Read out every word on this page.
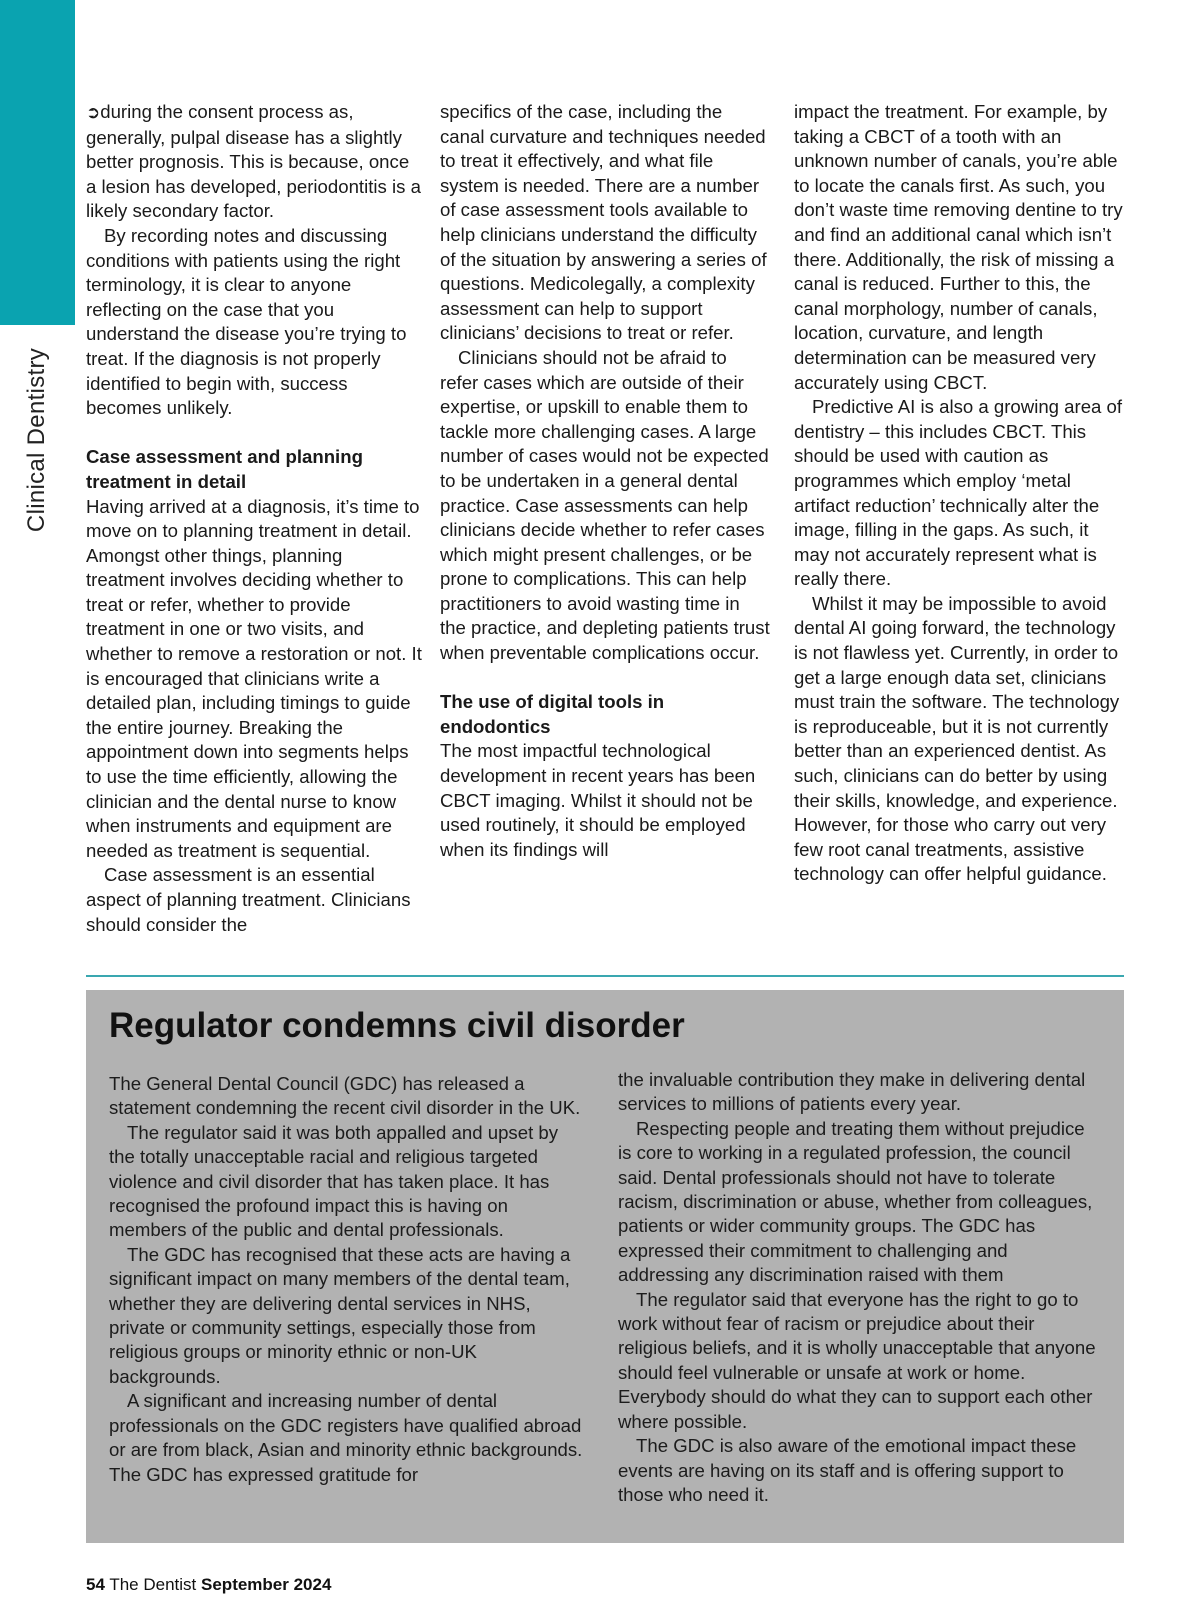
Clinical Dentistry

➲during the consent process as, generally, pulpal disease has a slightly better prognosis. This is because, once a lesion has developed, periodontitis is a likely secondary factor.

By recording notes and discussing conditions with patients using the right terminology, it is clear to anyone reflecting on the case that you understand the disease you’re trying to treat. If the diagnosis is not properly identified to begin with, success becomes unlikely.

Case assessment and planning treatment in detail

Having arrived at a diagnosis, it’s time to move on to planning treatment in detail. Amongst other things, planning treatment involves deciding whether to treat or refer, whether to provide treatment in one or two visits, and whether to remove a restoration or not. It is encouraged that clinicians write a detailed plan, including timings to guide the entire journey. Breaking the appointment down into segments helps to use the time efficiently, allowing the clinician and the dental nurse to know when instruments and equipment are needed as treatment is sequential.

Case assessment is an essential aspect of planning treatment. Clinicians should consider the

specifics of the case, including the canal curvature and techniques needed to treat it effectively, and what file system is needed. There are a number of case assessment tools available to help clinicians understand the difficulty of the situation by answering a series of questions. Medicolegally, a complexity assessment can help to support clinicians’ decisions to treat or refer.

Clinicians should not be afraid to refer cases which are outside of their expertise, or upskill to enable them to tackle more challenging cases. A large number of cases would not be expected to be undertaken in a general dental practice. Case assessments can help clinicians decide whether to refer cases which might present challenges, or be prone to complications. This can help practitioners to avoid wasting time in the practice, and depleting patients trust when preventable complications occur.

The use of digital tools in endodontics

The most impactful technological development in recent years has been CBCT imaging. Whilst it should not be used routinely, it should be employed when its findings will

impact the treatment. For example, by taking a CBCT of a tooth with an unknown number of canals, you’re able to locate the canals first. As such, you don’t waste time removing dentine to try and find an additional canal which isn’t there. Additionally, the risk of missing a canal is reduced. Further to this, the canal morphology, number of canals, location, curvature, and length determination can be measured very accurately using CBCT.

Predictive AI is also a growing area of dentistry – this includes CBCT. This should be used with caution as programmes which employ ‘metal artifact reduction’ technically alter the image, filling in the gaps. As such, it may not accurately represent what is really there.

Whilst it may be impossible to avoid dental AI going forward, the technology is not flawless yet. Currently, in order to get a large enough data set, clinicians must train the software. The technology is reproduceable, but it is not currently better than an experienced dentist. As such, clinicians can do better by using their skills, knowledge, and experience. However, for those who carry out very few root canal treatments, assistive technology can offer helpful guidance.

Regulator condemns civil disorder

The General Dental Council (GDC) has released a statement condemning the recent civil disorder in the UK.

The regulator said it was both appalled and upset by the totally unacceptable racial and religious targeted violence and civil disorder that has taken place. It has recognised the profound impact this is having on members of the public and dental professionals.

The GDC has recognised that these acts are having a significant impact on many members of the dental team, whether they are delivering dental services in NHS, private or community settings, especially those from religious groups or minority ethnic or non-UK backgrounds.

A significant and increasing number of dental professionals on the GDC registers have qualified abroad or are from black, Asian and minority ethnic backgrounds. The GDC has expressed gratitude for

the invaluable contribution they make in delivering dental services to millions of patients every year.

Respecting people and treating them without prejudice is core to working in a regulated profession, the council said. Dental professionals should not have to tolerate racism, discrimination or abuse, whether from colleagues, patients or wider community groups. The GDC has expressed their commitment to challenging and addressing any discrimination raised with them

The regulator said that everyone has the right to go to work without fear of racism or prejudice about their religious beliefs, and it is wholly unacceptable that anyone should feel vulnerable or unsafe at work or home. Everybody should do what they can to support each other where possible.

The GDC is also aware of the emotional impact these events are having on its staff and is offering support to those who need it.

54 The Dentist September 2024
